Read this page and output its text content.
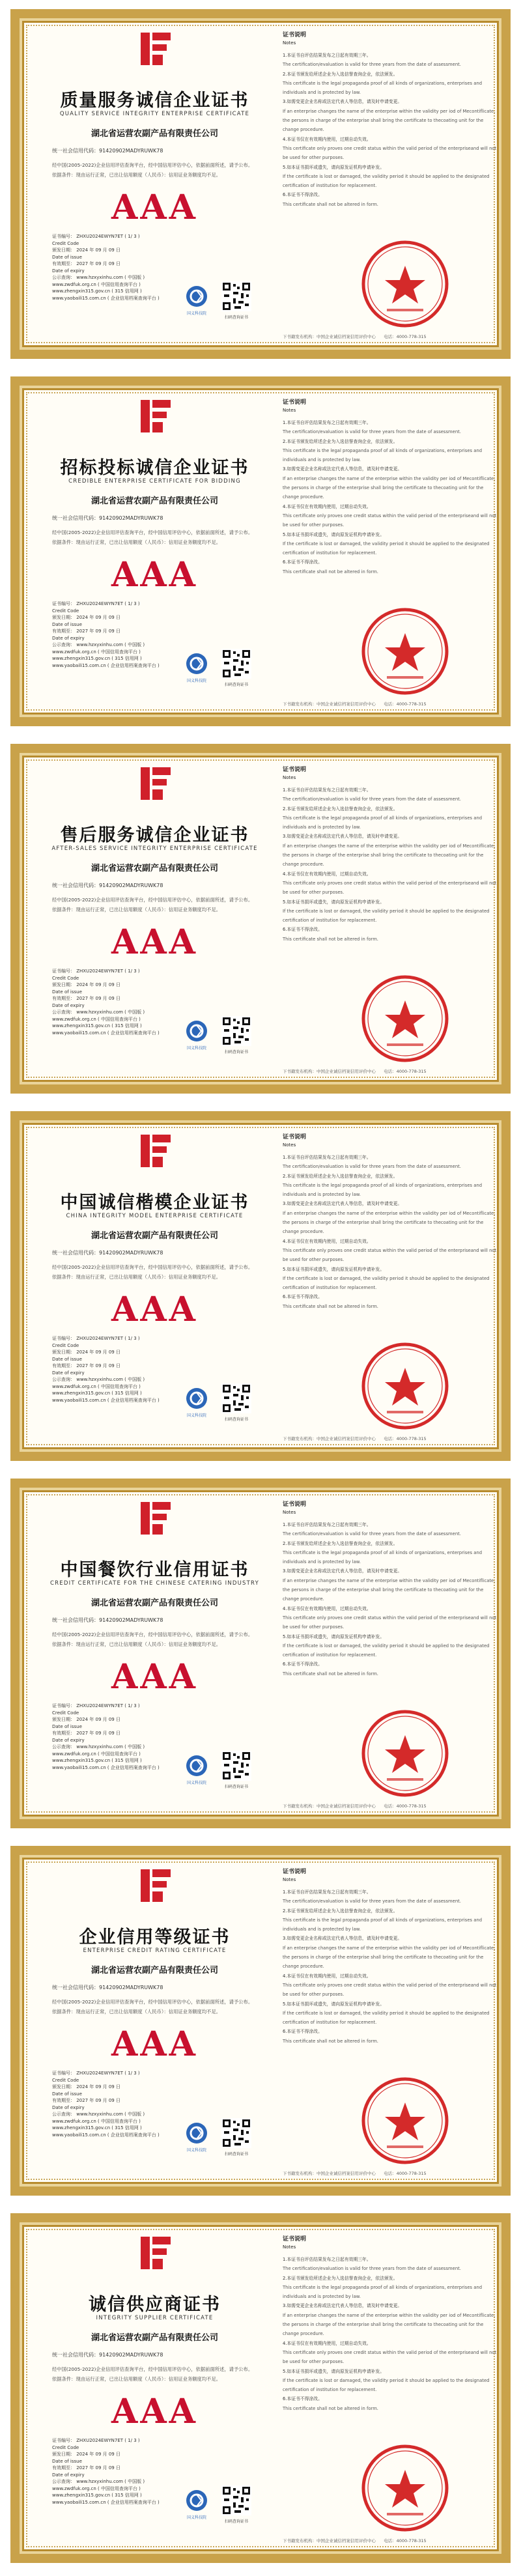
质量服务诚信企业证书
QUALITY SERVICE INTEGRITY ENTERPRISE CERTIFICATE
湖北省运营农副产品有限责任公司
统一社会信用代码：91420902MADYRUWK78
经中国(2005-2022)企业信用评估查询平台，经中国信用评估中心，依据前面所述，请予公布。
依据条件：现由运行正常，已出让信用额度（人民币）：信用证业务额度均不足。
AAA
证书编号： ZHXU2024EWYN7ET ( 1/ 3 )
Credit Code
颁发日期： 2024 年 09 月 09 日
Date of issue
有效期至： 2027 年 09 月 09 日
Date of expiry
公示查询： www.hzxyxinhu.com ( 中国版 )
www.zwdfuk.org.cn ( 中国信用查询平台 )
www.zhengxin315.gov.cn ( 315 信用网 )
www.yaobaili15.com.cn ( 企业信用档案查询平台 )
国义科技院
扫码查询证书
证书说明
Notes
1.本证书自评估结果发布之日起有效期三年。
The certification/evaluation is valid for three years from the date of assessment.
2.本证书颁发给所述企业为入选信誉查询企业，依法颁发。
This certificate is the legal propaganda proof of all kinds of organizations, enterprises and individuals and is protected by law.
3.如需变更企业名称或法定代表人等信息，请及时申请变更。
If an enterprise changes the name of the enterprise within the validity per iod of Mecontiflicate, the persons in charge of the enterprise shall bring the certificate to thecoating unit for the change procedure.
4.本证书仅在有效期内使用，过期自动失效。
This certificate only proves one credit status within the valid period of the enterpriseand will not be used for other purposes.
5.如本证书损坏或遗失，请向原发证机构申请补发。
If the certificate is lost or damaged, the validity period it should be applied to the designated certification of institution for replacement.
6.本证书不得涂改。
This certificate shall not be altered in form.
下书籍发布机构：中国企业诚信档案信用评价中心 电话：4000-778-315
招标投标诚信企业证书
CREDIBLE ENTERPRISE CERTIFICATE FOR BIDDING
湖北省运营农副产品有限责任公司
统一社会信用代码：91420902MADYRUWK78
经中国(2005-2022)企业信用评估查询平台，经中国信用评估中心，依据前面所述，请予公布。
依据条件：现由运行正常，已出让信用额度（人民币）：信用证业务额度均不足。
AAA
证书编号： ZHXU2024EWYN7ET ( 1/ 3 )
Credit Code
颁发日期： 2024 年 09 月 09 日
Date of issue
有效期至： 2027 年 09 月 09 日
Date of expiry
公示查询： www.hzxyxinhu.com ( 中国版 )
www.zwdfuk.org.cn ( 中国信用查询平台 )
www.zhengxin315.gov.cn ( 315 信用网 )
www.yaobaili15.com.cn ( 企业信用档案查询平台 )
国义科技院
扫码查询证书
证书说明
Notes
1.本证书自评估结果发布之日起有效期三年。
The certification/evaluation is valid for three years from the date of assessment.
2.本证书颁发给所述企业为入选信誉查询企业，依法颁发。
This certificate is the legal propaganda proof of all kinds of organizations, enterprises and individuals and is protected by law.
3.如需变更企业名称或法定代表人等信息，请及时申请变更。
If an enterprise changes the name of the enterprise within the validity per iod of Mecontiflicate, the persons in charge of the enterprise shall bring the certificate to thecoating unit for the change procedure.
4.本证书仅在有效期内使用，过期自动失效。
This certificate only proves one credit status within the valid period of the enterpriseand will not be used for other purposes.
5.如本证书损坏或遗失，请向原发证机构申请补发。
If the certificate is lost or damaged, the validity period it should be applied to the designated certification of institution for replacement.
6.本证书不得涂改。
This certificate shall not be altered in form.
下书籍发布机构：中国企业诚信档案信用评价中心 电话：4000-778-315
售后服务诚信企业证书
AFTER-SALES SERVICE INTEGRITY ENTERPRISE CERTIFICATE
湖北省运营农副产品有限责任公司
统一社会信用代码：91420902MADYRUWK78
经中国(2005-2022)企业信用评估查询平台，经中国信用评估中心，依据前面所述，请予公布。
依据条件：现由运行正常，已出让信用额度（人民币）：信用证业务额度均不足。
AAA
证书编号： ZHXU2024EWYN7ET ( 1/ 3 )
Credit Code
颁发日期： 2024 年 09 月 09 日
Date of issue
有效期至： 2027 年 09 月 09 日
Date of expiry
公示查询： www.hzxyxinhu.com ( 中国版 )
www.zwdfuk.org.cn ( 中国信用查询平台 )
www.zhengxin315.gov.cn ( 315 信用网 )
www.yaobaili15.com.cn ( 企业信用档案查询平台 )
国义科技院
扫码查询证书
证书说明
Notes
1.本证书自评估结果发布之日起有效期三年。
The certification/evaluation is valid for three years from the date of assessment.
2.本证书颁发给所述企业为入选信誉查询企业，依法颁发。
This certificate is the legal propaganda proof of all kinds of organizations, enterprises and individuals and is protected by law.
3.如需变更企业名称或法定代表人等信息，请及时申请变更。
If an enterprise changes the name of the enterprise within the validity per iod of Mecontiflicate, the persons in charge of the enterprise shall bring the certificate to thecoating unit for the change procedure.
4.本证书仅在有效期内使用，过期自动失效。
This certificate only proves one credit status within the valid period of the enterpriseand will not be used for other purposes.
5.如本证书损坏或遗失，请向原发证机构申请补发。
If the certificate is lost or damaged, the validity period it should be applied to the designated certification of institution for replacement.
6.本证书不得涂改。
This certificate shall not be altered in form.
下书籍发布机构：中国企业诚信档案信用评价中心 电话：4000-778-315
中国诚信楷模企业证书
CHINA INTEGRITY MODEL ENTERPRISE CERTIFICATE
湖北省运营农副产品有限责任公司
统一社会信用代码：91420902MADYRUWK78
经中国(2005-2022)企业信用评估查询平台，经中国信用评估中心，依据前面所述，请予公布。
依据条件：现由运行正常，已出让信用额度（人民币）：信用证业务额度均不足。
AAA
证书编号： ZHXU2024EWYN7ET ( 1/ 3 )
Credit Code
颁发日期： 2024 年 09 月 09 日
Date of issue
有效期至： 2027 年 09 月 09 日
Date of expiry
公示查询： www.hzxyxinhu.com ( 中国版 )
www.zwdfuk.org.cn ( 中国信用查询平台 )
www.zhengxin315.gov.cn ( 315 信用网 )
www.yaobaili15.com.cn ( 企业信用档案查询平台 )
国义科技院
扫码查询证书
证书说明
Notes
1.本证书自评估结果发布之日起有效期三年。
The certification/evaluation is valid for three years from the date of assessment.
2.本证书颁发给所述企业为入选信誉查询企业，依法颁发。
This certificate is the legal propaganda proof of all kinds of organizations, enterprises and individuals and is protected by law.
3.如需变更企业名称或法定代表人等信息，请及时申请变更。
If an enterprise changes the name of the enterprise within the validity per iod of Mecontiflicate, the persons in charge of the enterprise shall bring the certificate to thecoating unit for the change procedure.
4.本证书仅在有效期内使用，过期自动失效。
This certificate only proves one credit status within the valid period of the enterpriseand will not be used for other purposes.
5.如本证书损坏或遗失，请向原发证机构申请补发。
If the certificate is lost or damaged, the validity period it should be applied to the designated certification of institution for replacement.
6.本证书不得涂改。
This certificate shall not be altered in form.
下书籍发布机构：中国企业诚信档案信用评价中心 电话：4000-778-315
中国餐饮行业信用证书
CREDIT CERTIFICATE FOR THE CHINESE CATERING INDUSTRY
湖北省运营农副产品有限责任公司
统一社会信用代码：91420902MADYRUWK78
经中国(2005-2022)企业信用评估查询平台，经中国信用评估中心，依据前面所述，请予公布。
依据条件：现由运行正常，已出让信用额度（人民币）：信用证业务额度均不足。
AAA
证书编号： ZHXU2024EWYN7ET ( 1/ 3 )
Credit Code
颁发日期： 2024 年 09 月 09 日
Date of issue
有效期至： 2027 年 09 月 09 日
Date of expiry
公示查询： www.hzxyxinhu.com ( 中国版 )
www.zwdfuk.org.cn ( 中国信用查询平台 )
www.zhengxin315.gov.cn ( 315 信用网 )
www.yaobaili15.com.cn ( 企业信用档案查询平台 )
国义科技院
扫码查询证书
证书说明
Notes
1.本证书自评估结果发布之日起有效期三年。
The certification/evaluation is valid for three years from the date of assessment.
2.本证书颁发给所述企业为入选信誉查询企业，依法颁发。
This certificate is the legal propaganda proof of all kinds of organizations, enterprises and individuals and is protected by law.
3.如需变更企业名称或法定代表人等信息，请及时申请变更。
If an enterprise changes the name of the enterprise within the validity per iod of Mecontiflicate, the persons in charge of the enterprise shall bring the certificate to thecoating unit for the change procedure.
4.本证书仅在有效期内使用，过期自动失效。
This certificate only proves one credit status within the valid period of the enterpriseand will not be used for other purposes.
5.如本证书损坏或遗失，请向原发证机构申请补发。
If the certificate is lost or damaged, the validity period it should be applied to the designated certification of institution for replacement.
6.本证书不得涂改。
This certificate shall not be altered in form.
下书籍发布机构：中国企业诚信档案信用评价中心 电话：4000-778-315
企业信用等级证书
ENTERPRISE CREDIT RATING CERTIFICATE
湖北省运营农副产品有限责任公司
统一社会信用代码：91420902MADYRUWK78
经中国(2005-2022)企业信用评估查询平台，经中国信用评估中心，依据前面所述，请予公布。
依据条件：现由运行正常，已出让信用额度（人民币）：信用证业务额度均不足。
AAA
证书编号： ZHXU2024EWYN7ET ( 1/ 3 )
Credit Code
颁发日期： 2024 年 09 月 09 日
Date of issue
有效期至： 2027 年 09 月 09 日
Date of expiry
公示查询： www.hzxyxinhu.com ( 中国版 )
www.zwdfuk.org.cn ( 中国信用查询平台 )
www.zhengxin315.gov.cn ( 315 信用网 )
www.yaobaili15.com.cn ( 企业信用档案查询平台 )
国义科技院
扫码查询证书
证书说明
Notes
1.本证书自评估结果发布之日起有效期三年。
The certification/evaluation is valid for three years from the date of assessment.
2.本证书颁发给所述企业为入选信誉查询企业，依法颁发。
This certificate is the legal propaganda proof of all kinds of organizations, enterprises and individuals and is protected by law.
3.如需变更企业名称或法定代表人等信息，请及时申请变更。
If an enterprise changes the name of the enterprise within the validity per iod of Mecontiflicate, the persons in charge of the enterprise shall bring the certificate to thecoating unit for the change procedure.
4.本证书仅在有效期内使用，过期自动失效。
This certificate only proves one credit status within the valid period of the enterpriseand will not be used for other purposes.
5.如本证书损坏或遗失，请向原发证机构申请补发。
If the certificate is lost or damaged, the validity period it should be applied to the designated certification of institution for replacement.
6.本证书不得涂改。
This certificate shall not be altered in form.
下书籍发布机构：中国企业诚信档案信用评价中心 电话：4000-778-315
诚信供应商证书
INTEGRITY SUPPLIER CERTIFICATE
湖北省运营农副产品有限责任公司
统一社会信用代码：91420902MADYRUWK78
经中国(2005-2022)企业信用评估查询平台，经中国信用评估中心，依据前面所述，请予公布。
依据条件：现由运行正常，已出让信用额度（人民币）：信用证业务额度均不足。
AAA
证书编号： ZHXU2024EWYN7ET ( 1/ 3 )
Credit Code
颁发日期： 2024 年 09 月 09 日
Date of issue
有效期至： 2027 年 09 月 09 日
Date of expiry
公示查询： www.hzxyxinhu.com ( 中国版 )
www.zwdfuk.org.cn ( 中国信用查询平台 )
www.zhengxin315.gov.cn ( 315 信用网 )
www.yaobaili15.com.cn ( 企业信用档案查询平台 )
国义科技院
扫码查询证书
证书说明
Notes
1.本证书自评估结果发布之日起有效期三年。
The certification/evaluation is valid for three years from the date of assessment.
2.本证书颁发给所述企业为入选信誉查询企业，依法颁发。
This certificate is the legal propaganda proof of all kinds of organizations, enterprises and individuals and is protected by law.
3.如需变更企业名称或法定代表人等信息，请及时申请变更。
If an enterprise changes the name of the enterprise within the validity per iod of Mecontiflicate, the persons in charge of the enterprise shall bring the certificate to thecoating unit for the change procedure.
4.本证书仅在有效期内使用，过期自动失效。
This certificate only proves one credit status within the valid period of the enterpriseand will not be used for other purposes.
5.如本证书损坏或遗失，请向原发证机构申请补发。
If the certificate is lost or damaged, the validity period it should be applied to the designated certification of institution for replacement.
6.本证书不得涂改。
This certificate shall not be altered in form.
下书籍发布机构：中国企业诚信档案信用评价中心 电话：4000-778-315
